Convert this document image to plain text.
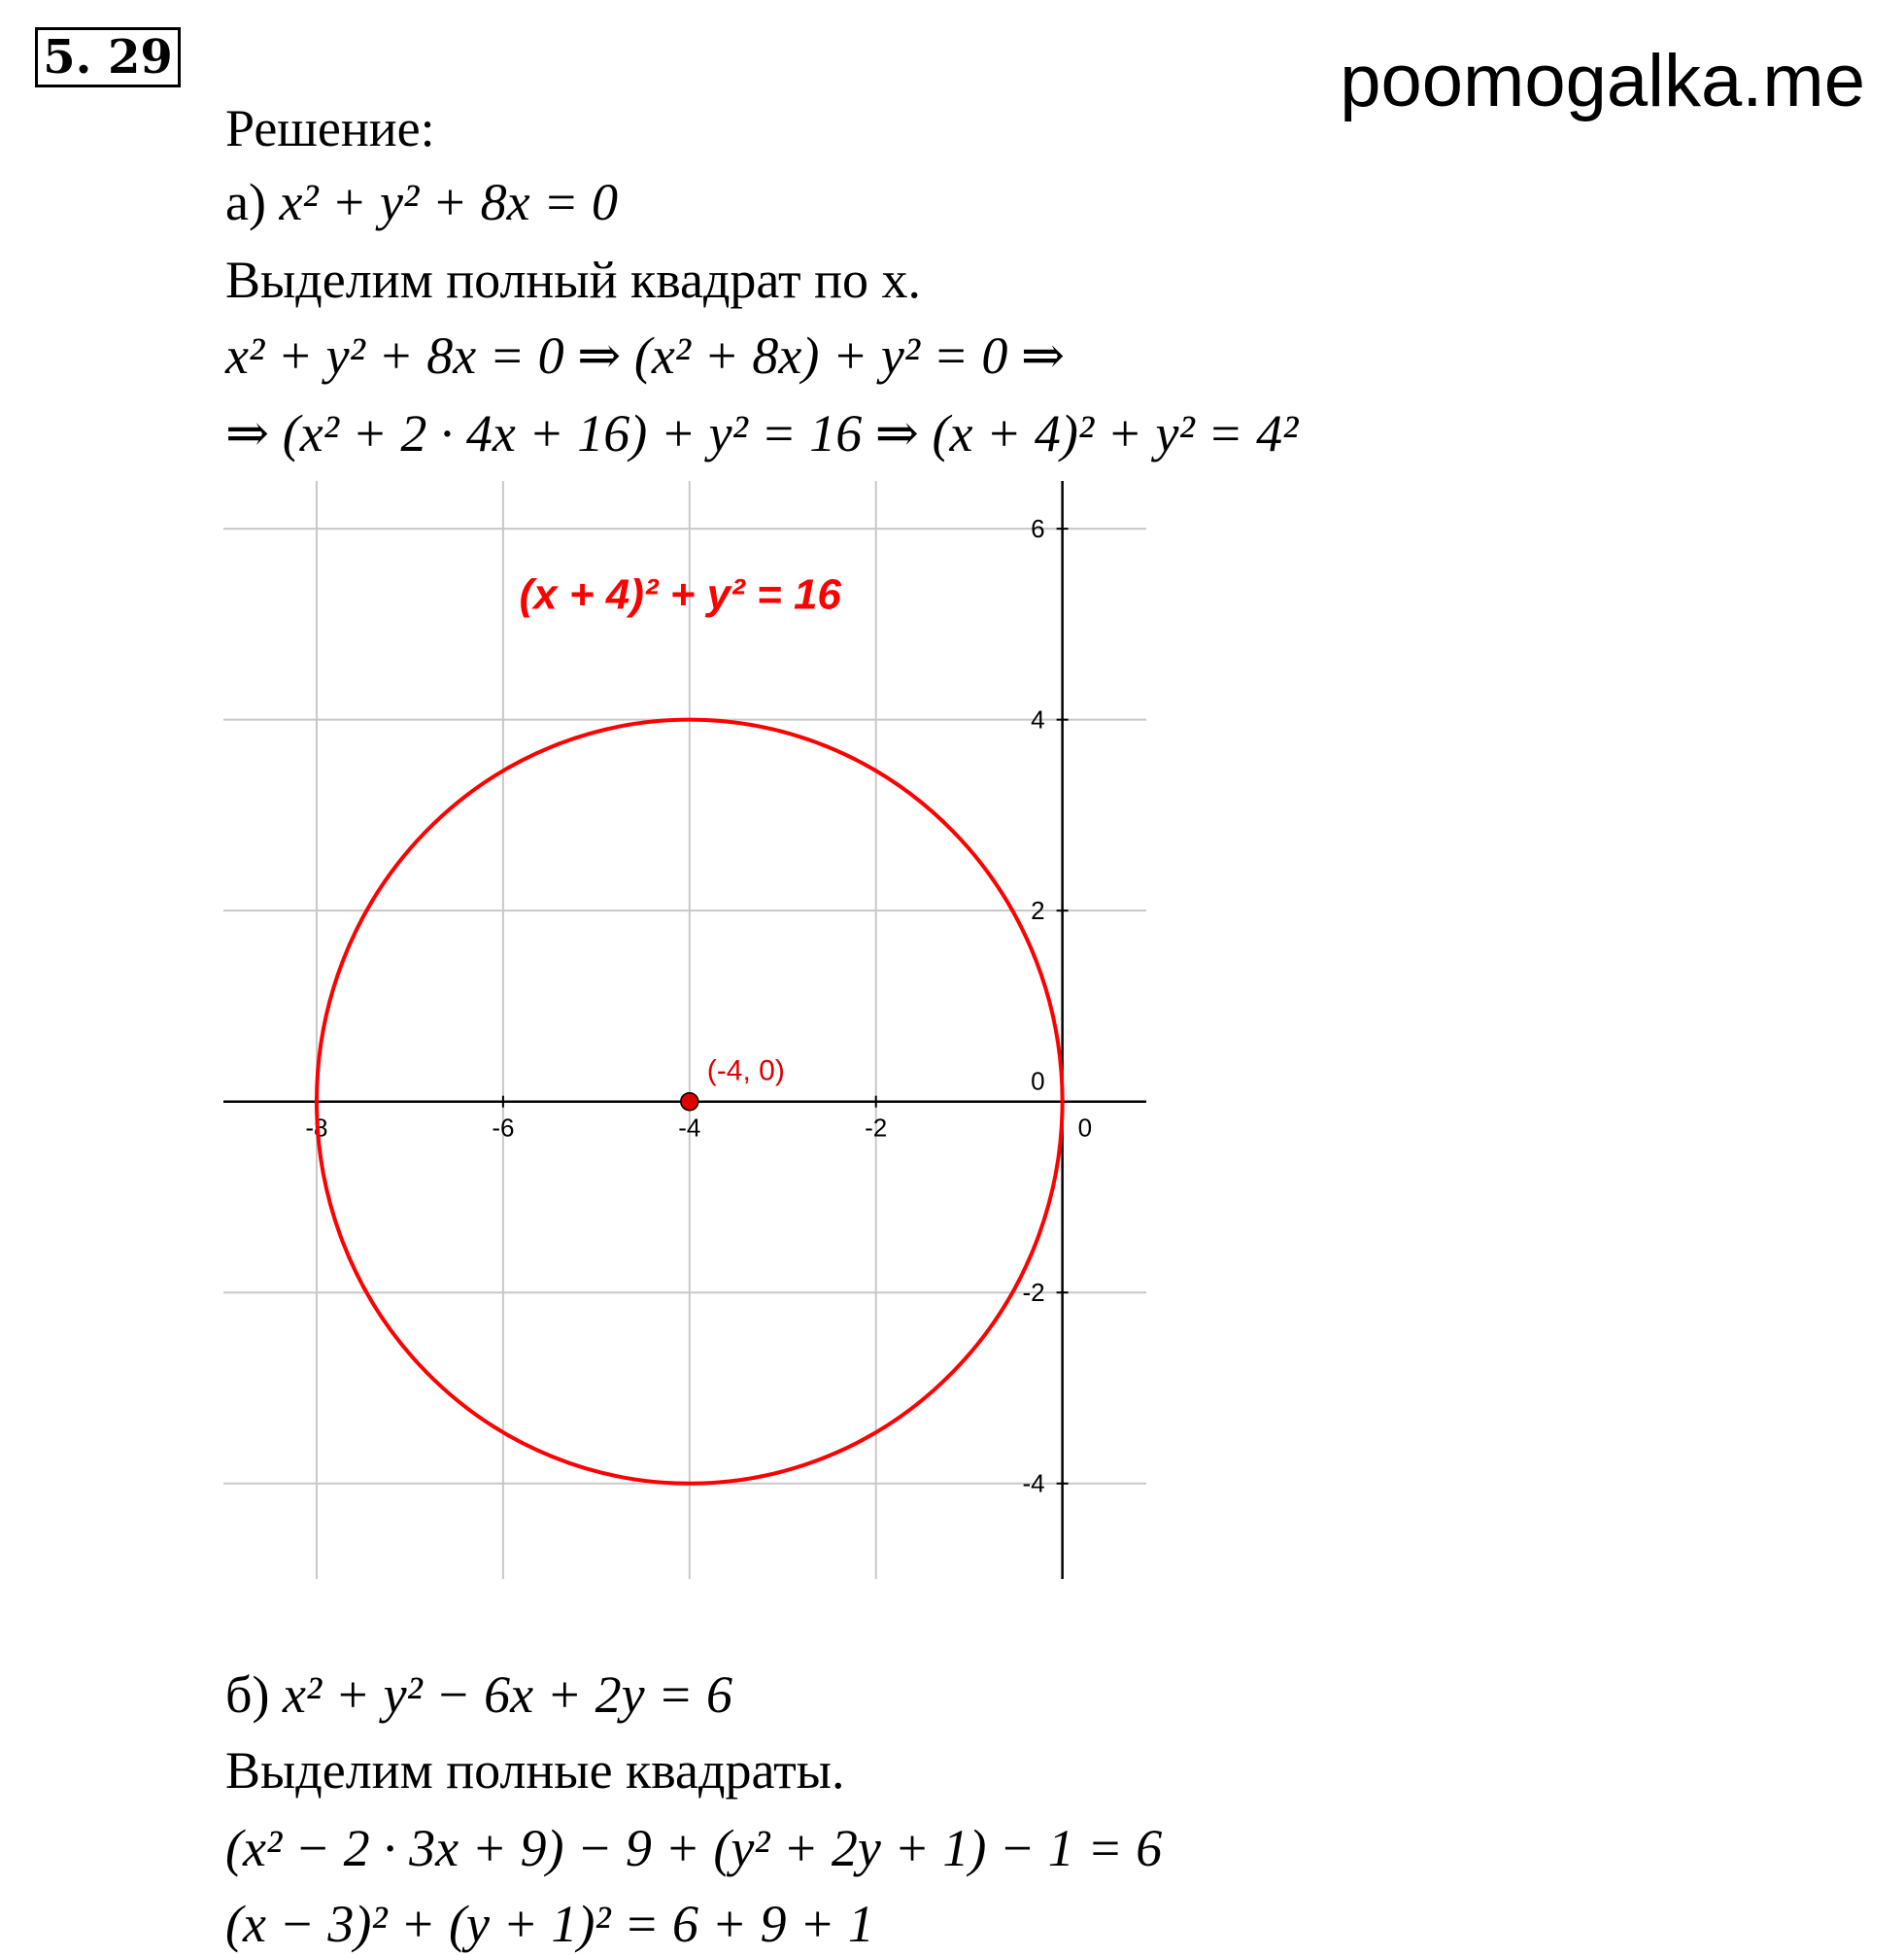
5. 29	poomogalka.me
Решение:
а) x² + y² + 8x = 0
Выделим полный квадрат по x.
x² + y² + 8x = 0 ⇒ (x² + 8x) + y² = 0 ⇒
⇒ (x² + 2 · 4x + 16) + y² = 16 ⇒ (x + 4)² + y² = 4²
-8	-6	-4	-2
6
4
2
0
-2
-4
0
(x + 4)² + y² = 16
(-4, 0)
б) x² + y² − 6x + 2y = 6
Выделим полные квадраты.
(x² − 2 · 3x + 9) − 9 + (y² + 2y + 1) − 1 = 6
(x − 3)² + (y + 1)² = 6 + 9 + 1
